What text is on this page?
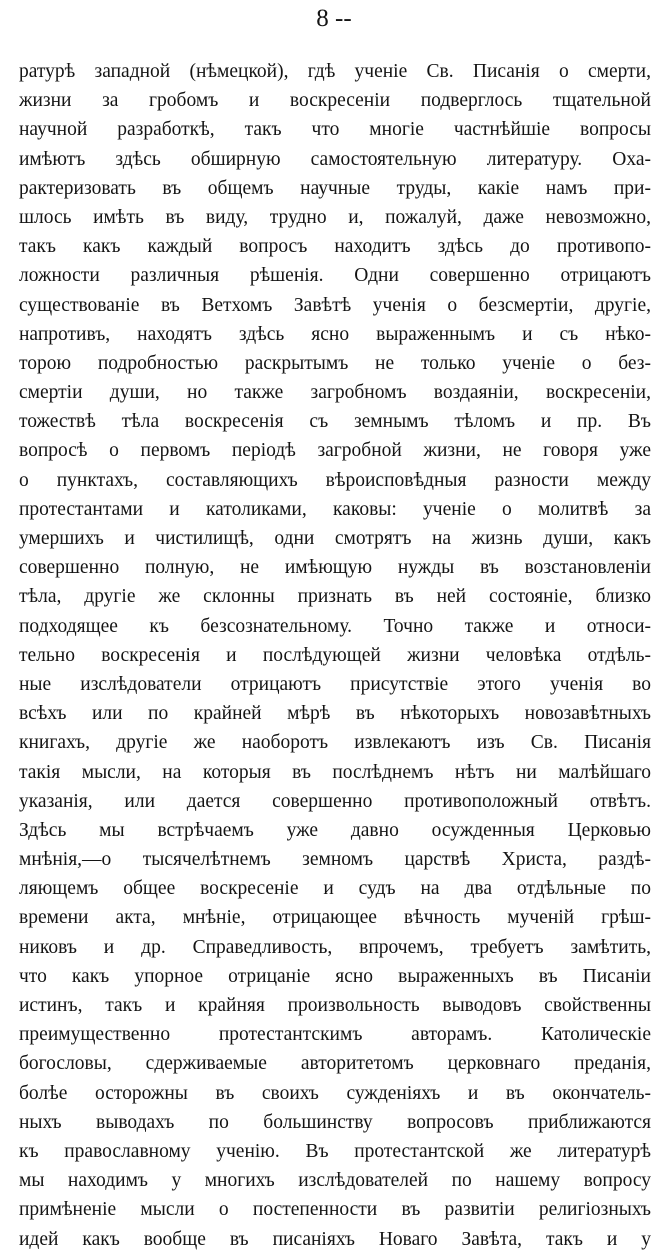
8 --
ратурѣ западной (нѣмецкой), гдѣ ученіе Св. Писанія о смерти,
жизни за гробомъ и воскресеніи подверглось тщательной
научной разработкѣ, такъ что многіе частнѣйшіе вопросы
имѣютъ здѣсь обширную самостоятельную литературу. Оха-
рактеризовать въ общемъ научные труды, какіе намъ при-
шлось имѣть въ виду, трудно и, пожалуй, даже невозможно,
такъ какъ каждый вопросъ находитъ здѣсь до противопо-
ложности различныя рѣшенія. Одни совершенно отрицаютъ
существованіе въ Ветхомъ Завѣтѣ ученія о безсмертіи, другіе,
напротивъ, находятъ здѣсь ясно выраженнымъ и съ нѣко-
торою подробностью раскрытымъ не только ученіе о без-
смертіи души, но также загробномъ воздаяніи, воскресеніи,
тожествѣ тѣла воскресенія съ земнымъ тѣломъ и пр. Въ
вопросѣ о первомъ періодѣ загробной жизни, не говоря уже
о пунктахъ, составляющихъ вѣроисповѣдныя разности между
протестантами и католиками, каковы: ученіе о молитвѣ за
умершихъ и чистилищѣ, одни смотрятъ на жизнь души, какъ
совершенно полную, не имѣющую нужды въ возстановленіи
тѣла, другіе же склонны признать въ ней состояніе, близко
подходящее къ безсознательному. Точно также и относи-
тельно воскресенія и послѣдующей жизни человѣка отдѣль-
ные изслѣдователи отрицаютъ присутствіе этого ученія во
всѣхъ или по крайней мѣрѣ въ нѣкоторыхъ новозавѣтныхъ
книгахъ, другіе же наоборотъ извлекаютъ изъ Св. Писанія
такія мысли, на которыя въ послѣднемъ нѣтъ ни малѣйшаго
указанія, или дается совершенно противоположный отвѣтъ.
Здѣсь мы встрѣчаемъ уже давно осужденныя Церковью
мнѣнія,—о тысячелѣтнемъ земномъ царствѣ Христа, раздѣ-
ляющемъ общее воскресеніе и судъ на два отдѣльные по
времени акта, мнѣніе, отрицающее вѣчность мученій грѣш-
никовъ и др. Справедливость, впрочемъ, требуетъ замѣтить,
что какъ упорное отрицаніе ясно выраженныхъ въ Писаніи
истинъ, такъ и крайняя произвольность выводовъ свойственны
преимущественно протестантскимъ авторамъ. Католическіе
богословы, сдерживаемые авторитетомъ церковнаго преданія,
болѣе осторожны въ своихъ сужденіяхъ и въ окончатель-
ныхъ выводахъ по большинству вопросовъ приближаются
къ православному ученію. Въ протестантской же литературѣ
мы находимъ у многихъ изслѣдователей по нашему вопросу
примѣненіе мысли о постепенности въ развитіи религіозныхъ
идей какъ вообще въ писаніяхъ Новаго Завѣта, такъ и у
